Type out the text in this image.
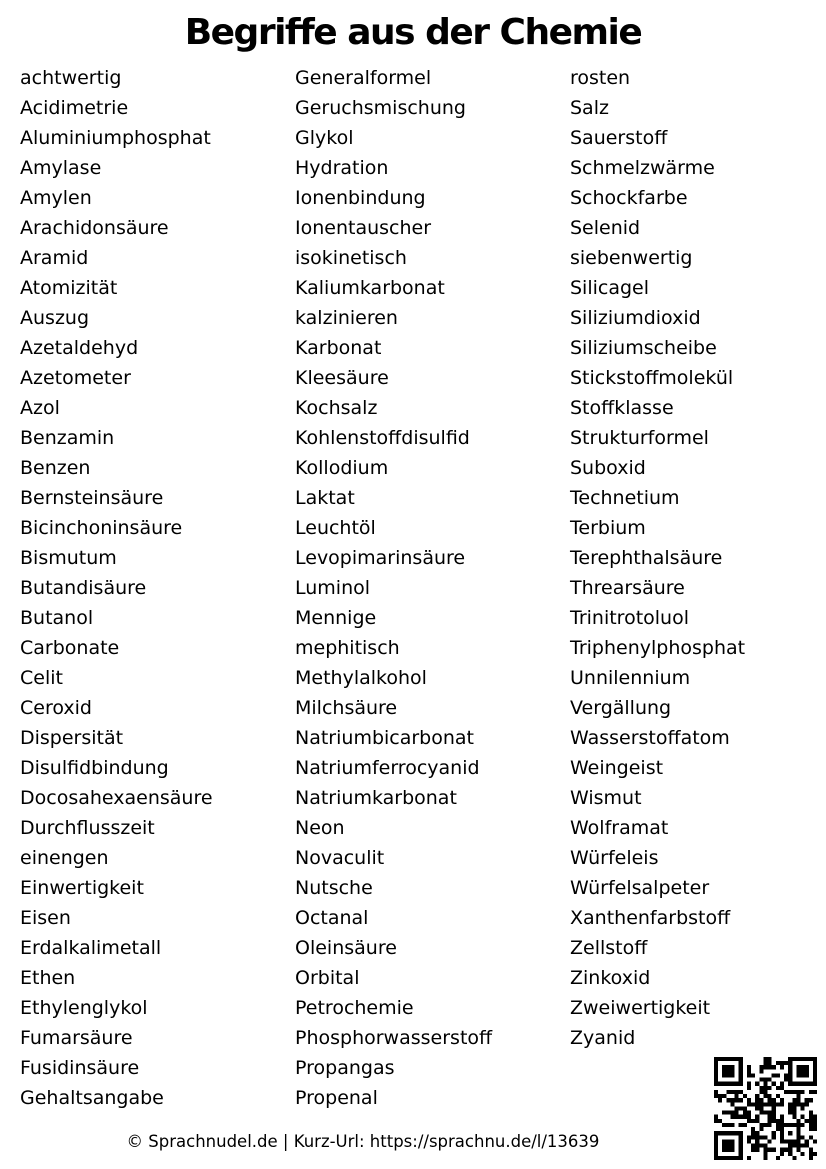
Begriffe aus der Chemie
achtwertig
Acidimetrie
Aluminiumphosphat
Amylase
Amylen
Arachidonsäure
Aramid
Atomizität
Auszug
Azetaldehyd
Azetometer
Azol
Benzamin
Benzen
Bernsteinsäure
Bicinchoninsäure
Bismutum
Butandisäure
Butanol
Carbonate
Celit
Ceroxid
Dispersität
Disulfidbindung
Docosahexaensäure
Durchflusszeit
einengen
Einwertigkeit
Eisen
Erdalkalimetall
Ethen
Ethylenglykol
Fumarsäure
Fusidinsäure
Gehaltsangabe
Generalformel
Geruchsmischung
Glykol
Hydration
Ionenbindung
Ionentauscher
isokinetisch
Kaliumkarbonat
kalzinieren
Karbonat
Kleesäure
Kochsalz
Kohlenstoffdisulfid
Kollodium
Laktat
Leuchtöl
Levopimarinsäure
Luminol
Mennige
mephitisch
Methylalkohol
Milchsäure
Natriumbicarbonat
Natriumferrocyanid
Natriumkarbonat
Neon
Novaculit
Nutsche
Octanal
Oleinsäure
Orbital
Petrochemie
Phosphorwasserstoff
Propangas
Propenal
rosten
Salz
Sauerstoff
Schmelzwärme
Schockfarbe
Selenid
siebenwertig
Silicagel
Siliziumdioxid
Siliziumscheibe
Stickstoffmolekül
Stoffklasse
Strukturformel
Suboxid
Technetium
Terbium
Terephthalsäure
Threarsäure
Trinitrotoluol
Triphenylphosphat
Unnilennium
Vergällung
Wasserstoffatom
Weingeist
Wismut
Wolframat
Würfeleis
Würfelsalpeter
Xanthenfarbstoff
Zellstoff
Zinkoxid
Zweiwertigkeit
Zyanid
© Sprachnudel.de | Kurz-Url: https://sprachnu.de/l/13639
